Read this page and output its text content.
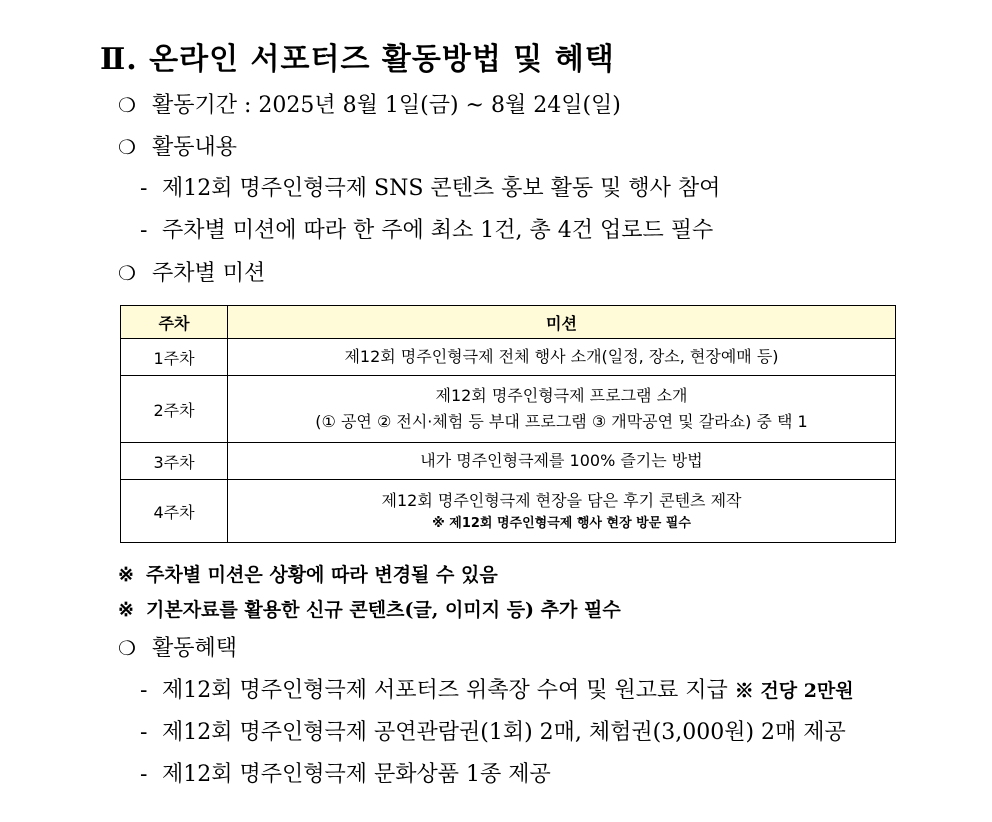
Ⅱ. 온라인 서포터즈 활동방법 및 혜택
❍ 활동기간 : 2025년 8월 1일(금) ~ 8월 24일(일)
❍ 활동내용
- 제12회 명주인형극제 SNS 콘텐츠 홍보 활동 및 행사 참여
- 주차별 미션에 따라 한 주에 최소 1건, 총 4건 업로드 필수
❍ 주차별 미션
주차	미션
1주차	제12회 명주인형극제 전체 행사 소개(일정, 장소, 현장예매 등)

2주차	제12회 명주인형극제 프로그램 소개
(① 공연 ② 전시·체험 등 부대 프로그램 ③ 개막공연 및 갈라쇼) 중 택 1

3주차	내가 명주인형극제를 100% 즐기는 방법

4주차	제12회 명주인형극제 현장을 담은 후기 콘텐츠 제작
※ 제12회 명주인형극제 행사 현장 방문 필수
※ 주차별 미션은 상황에 따라 변경될 수 있음
※ 기본자료를 활용한 신규 콘텐츠(글, 이미지 등) 추가 필수
❍ 활동혜택
- 제12회 명주인형극제 서포터즈 위촉장 수여 및 원고료 지급 ※ 건당 2만원
- 제12회 명주인형극제 공연관람권(1회) 2매, 체험권(3,000원) 2매 제공
- 제12회 명주인형극제 문화상품 1종 제공
